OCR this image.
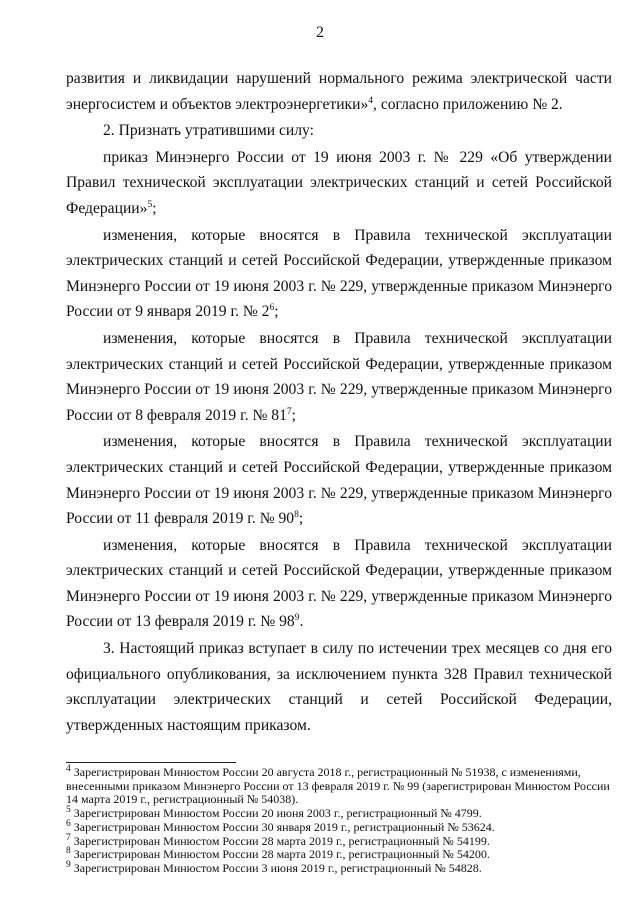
2

развития и ликвидации нарушений нормального режима электрической части энергосистем и объектов электроэнергетики»$^4$, согласно приложению № 2.

2. Признать утратившими силу:

приказ Минэнерго России от 19 июня 2003 г. № 229 «Об утверждении Правил технической эксплуатации электрических станций и сетей Российской Федерации»$^5$;

изменения, которые вносятся в Правила технической эксплуатации электрических станций и сетей Российской Федерации, утвержденные приказом Минэнерго России от 19 июня 2003 г. № 229, утвержденные приказом Минэнерго России от 9 января 2019 г. № $2^6$;

изменения, которые вносятся в Правила технической эксплуатации электрических станций и сетей Российской Федерации, утвержденные приказом Минэнерго России от 19 июня 2003 г. № 229, утвержденные приказом Минэнерго России от 8 февраля 2019 г. № $81^7$;

изменения, которые вносятся в Правила технической эксплуатации электрических станций и сетей Российской Федерации, утвержденные приказом Минэнерго России от 19 июня 2003 г. № 229, утвержденные приказом Минэнерго России от 11 февраля 2019 г. № $90^8$;

изменения, которые вносятся в Правила технической эксплуатации электрических станций и сетей Российской Федерации, утвержденные приказом Минэнерго России от 19 июня 2003 г. № 229, утвержденные приказом Минэнерго России от 13 февраля 2019 г. № $98^9$.

3. Настоящий приказ вступает в силу по истечении трех месяцев со дня его официального опубликования, за исключением пункта 328 Правил технической эксплуатации электрических станций и сетей Российской Федерации, утвержденных настоящим приказом.

$^4$ Зарегистрирован Минюстом России 20 августа 2018 г., регистрационный № 51938, с изменениями, внесенными приказом Минэнерго России от 13 февраля 2019 г. № 99 (зарегистрирован Минюстом России 14 марта 2019 г., регистрационный № 54038).

$^5$ Зарегистрирован Минюстом России 20 июня 2003 г., регистрационный № 4799.

$^6$ Зарегистрирован Минюстом России 30 января 2019 г., регистрационный № 53624.

$^7$ Зарегистрирован Минюстом России 28 марта 2019 г., регистрационный № 54199.

$^8$ Зарегистрирован Минюстом России 28 марта 2019 г., регистрационный № 54200.

$^9$ Зарегистрирован Минюстом России 3 июня 2019 г., регистрационный № 54828.
